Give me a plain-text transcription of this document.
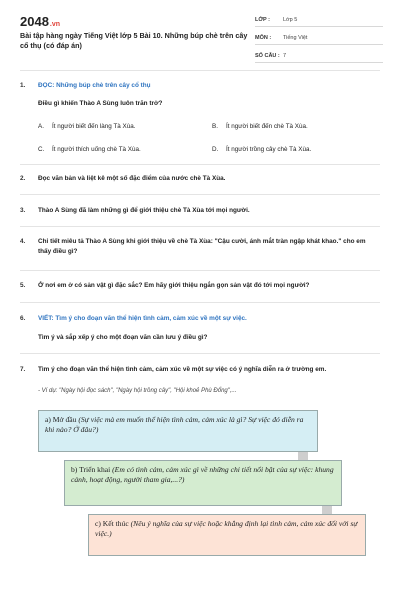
2048.vn
Bài tập hàng ngày Tiếng Việt lớp 5 Bài 10. Những búp chè trên cây cổ thụ (có đáp án)
LỚP :	Lớp 5
MÔN :	Tiếng Việt
SỐ CÂU : 7
1. ĐỌC: Những búp chè trên cây cổ thụ
Điều gì khiến Thào A Sùng luôn trăn trở?
A. Ít người biết đến làng Tà Xùa.	B. Ít người biết đến chè Tà Xùa.
C. Ít người thích uống chè Tà Xùa.	D. Ít người trồng cây chè Tà Xùa.
2. Đọc văn bản và liệt kê một số đặc điểm của nước chè Tà Xùa.
3. Thào A Sùng đã làm những gì để giới thiệu chè Tà Xùa tới mọi người.
4. Chi tiết miêu tả Thào A Sùng khi giới thiệu về chè Tà Xùa: "Cậu cười, ánh mắt tràn ngập khát khao." cho em thấy điều gì?
5. Ở nơi em ở có sản vật gì đặc sắc? Em hãy giới thiệu ngắn gọn sản vật đó tới mọi người?
6. VIẾT: Tìm ý cho đoạn văn thể hiện tình cảm, cảm xúc về một sự việc.
Tìm ý và sắp xếp ý cho một đoạn văn cần lưu ý điều gì?
7. Tìm ý cho đoạn văn thể hiện tình cảm, cảm xúc về một sự việc có ý nghĩa diễn ra ở trường em.
- Ví dụ: "Ngày hội đọc sách", "Ngày hội trồng cây", "Hội khoẻ Phù Đổng",...
a) Mở đầu (Sự việc mà em muốn thể hiện tình cảm, cảm xúc là gì? Sự việc đó diễn ra khi nào? Ở đâu?)
b) Triển khai (Em có tình cảm, cảm xúc gì về những chi tiết nổi bật của sự việc: khung cảnh, hoạt động, người tham gia,...?)
c) Kết thúc (Nêu ý nghĩa của sự việc hoặc khẳng định lại tình cảm, cảm xúc đối với sự việc.)
